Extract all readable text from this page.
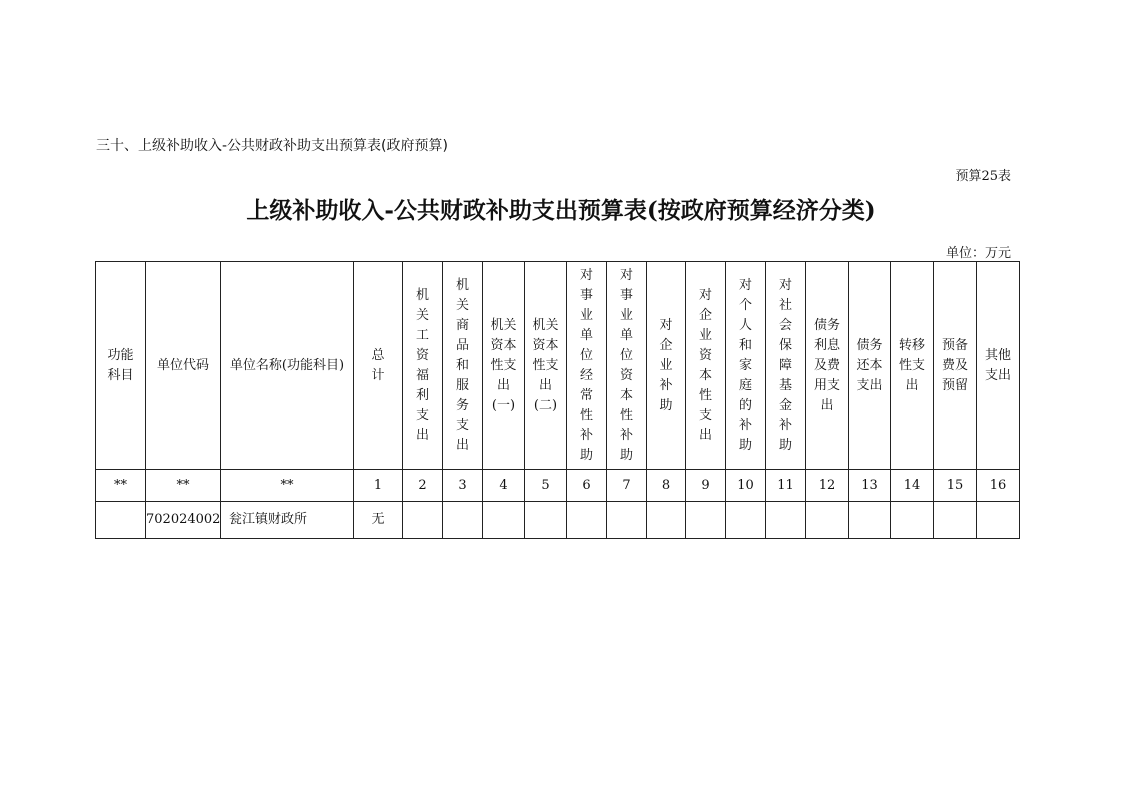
三十、上级补助收入-公共财政补助支出预算表(政府预算)
预算25表
上级补助收入-公共财政补助支出预算表(按政府预算经济分类)
单位：万元
功能科目	单位代码	单位名称(功能科目)	总计	机关工资福利支出	机关商品和服务支出	机关资本性支出(一)	机关资本性支出(二)	对事业单位经常性补助	对事业单位资本性补助	对企业补助	对企业资本性支出	对个人和家庭的补助	对社会保障基金补助	债务利息及费用支出	债务还本支出	转移性支出	预备费及预留	其他支出
**	**	**	1	2	3	4	5	6	7	8	9	10	11	12	13	14	15	16
	702024002	瓮江镇财政所	无															
